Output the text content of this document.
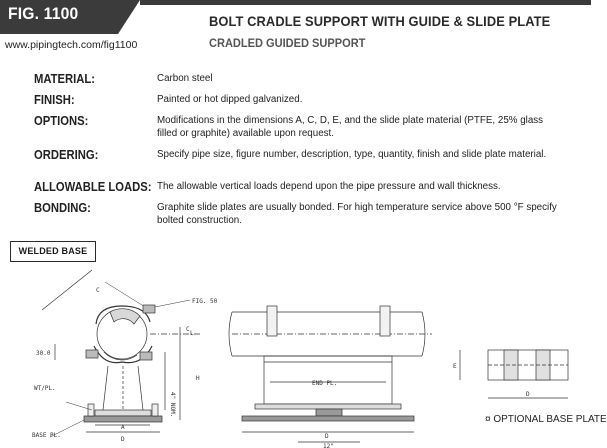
FIG. 1100
www.pipingtech.com/fig1100
BOLT CRADLE SUPPORT WITH GUIDE & SLIDE PLATE
CRADLED GUIDED SUPPORT
MATERIAL:	Carbon steel
FINISH:	Painted or hot dipped galvanized.
OPTIONS:	Modifications in the dimensions A, C, D, E, and the slide plate material (PTFE, 25% glass filled or graphite) available upon request.
ORDERING:	Specify pipe size, figure number, description, type, quantity, finish and slide plate material.
ALLOWABLE LOADS: The allowable vertical loads depend upon the pipe pressure and wall thickness.
BONDING:	Graphite slide plates are usually bonded. For high temperature service above 500 °F specify bolted construction.
WELDED BASE
C
FIG. 50
C
L
30.0
4" NOM.
H
WT/PL.
BASE PL.
A
D
END PL.
D
12"
E
D
¤ OPTIONAL BASE PLATE
